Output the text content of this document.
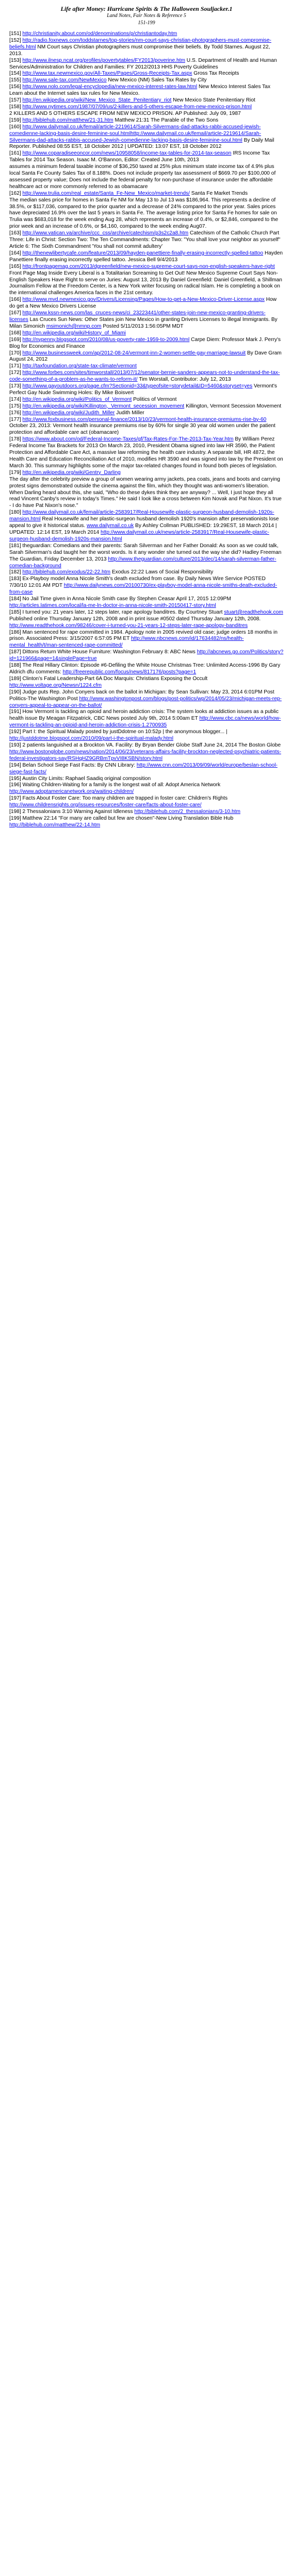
Life after Money: Hurricane Spirits & The Halloween Souljacker.1
Land Notes, Fair Notes & Reference 5
151-199

[151] http://christianity.about.com/od/denominations/p/christiantoday.htm

[152] http://radio.foxnews.com/toddstarnes/top-stories/nm-court-says-christian-photographers-must-compromise-beliefs.html NM Court says Christian photographers must compromise their beliefs. By Todd Starnes. August 22, 2013.

[153] http://www.ilnesp.ncat.org/profiles/povertytables/FY2013/poverine.htm U.S. Department of Health and Human Services/Administration for Children and Families: FY 2012/2013 HHS Poverty Guidelines

[154] http://www.tax.newmexico.gov/All-Taxes/Pages/Gross-Receipts-Tax.aspx Gross Tax Receipts

[155] http://www.sale-tax.com/NewMexico New Mexico (NM) Sales Tax Rates by City

[156] http://www.nolo.com/legal-encyclopedia/new-mexico-interest-rates-law.html New Mexico Interest Sales Tax Learn about the Internet sales tax rules for New Mexico.

[157] http://en.wikipedia.org/wiki/New_Mexico_State_Penitentiary_riot New Mexico State Penitentiary Riot

[158] http://www.nytimes.com/1987/07/09/us/2-killers-and-5-others-escape-from-new-mexico-prison.html

2 KILLERS AND 5 OTHERS ESCAPE FROM NEW MEXICO PRISON. AP Published: July 09, 1987

[159] http://biblehub.com/matthew/21-31.htm Matthew 21:31 The Parable of the Two Sons

[160] http://www.dailymail.co.uk/femail/article-2219614/Sarah-Silvermans-dad-attacks-rabbi-accused-jewish-comedienne-lacking-basis-desire-feminine-soul.htmlhttp://www.dailymail.co.uk/femail/article-2219614/Sarah-Silvermans-dad-attacks-rabbis-accused-Jewish-comedienne-lacking-basis-desire-feminine-soul.html By Daily Mail Reporter. Published 08:55 EST, 18 October 2012 | UPDATED: 13:07 EST, 18 October 2012

[161] http://www.coparadiseeoncor.com/news/10958058/income-tax-tables-for-2014-tax-season IRS Income Tax Tables for 2014 Tax Season. Isaac M. O'Bannon, Editor: Created June 10th, 2013

assumes a minimum federal taxable income of $36,250 taxed at 25% plus minimum state income tax of 4.9% plus local Santa Fe County Sales Tax of 8.188%. Does not include property tax assessment of $669.70 per $100,000 of assessed property value; Does not include the federal penalty for non-purchase of insurance under the affordable healthcare act or more commonly referred to as obamacare

[162] http://www.trulia.com/real_estate/Santa_Fe-New_Mexico/market-trends/ Santa Fe Market Trends

The median sales price for homes in Santa Fe NM for May 13 to Jul 13 was $186,964. This represents a decline of 38.5%, or $117,036, compared to the prior quarter and a decrease of 24% compared to the prior year. Sales prices have depreciated 16.9% over the last 5 years in Santa Fe. The average listing price for Santa Fe homes for sale on Trulia was $683,018 for the week ending Aug 28, which represents an increase of 0.4%, or $2,846, compared to the prior week and an increase of 0.6%, or $4,160, compared to the week ending Aug07.

[163] http://www.vatican.va/archive/ccc_css/archive/catechism/p3s2c2a8.htm Catechism of the Catholic Church Part Three: Life in Christ: Section Two: The Ten Commandments: Chapter Two: "You shall love your neighbor as yourself" Article 6: The Sixth Commandment 'You shall not commit adultery'

[164] http://thenewlibertycafe.com/feature/2013/09/hayden-panettiere-finally-erasing-incorrectly-spelled-tattoo Hayden Panettiere finally erasing incorrectly spelled tattoo. Jessica Bell 9/4/2013

[165] http://frontpagemag.com/2013/dgreenfield/new-mexico-supreme-court-says-non-english-speakers-have-right Front Page Mag Inside Every Liberal is a Totalitarian Screaming to Get Out! New Mexico Supreme Court Says Non-English Speakers Have Right to serve on Juries: August 13, 2013 By Daniel Greenfield: Daniel Greenfield, a Shillman Journalism Fellow at the Freedom Center, is a New York writer focusing on radical Islam. He is completing a book on the international challenges America faces in the 21st century.

[166] http://www.mvd.newmexico.gov/Drivers/Licensing/Pages/How-to-get-a-New-Mexico-Driver-License.aspx How do get a New Mexico Drivers License

[167] http://www.kssn-news.com/las_cruces-news/ci_23223441/other-states-join-new-mexico-granting-drivers-licenses Las Cruces Sun News: Other States join New Mexico in granting Drivers Licenses to illegal Immigrants. By Milan Simonich msimonich@nmnp.com Posted 5/11/2013 1:56:05PM MDT

[168] http://en.wikipedia.org/wiki/History_of_Miami

[169] http://nypenny.blogspot.com/2010/08/us-poverty-rate-1959-to-2009.html Carpe Diem: Professor Mark J. Perry's Blog for Economics and Finance

[170] http://www.businessweek.com/ap/2012-08-24/vermont-inn-2-women-settle-gay-marriage-lawsuit By Dave Gram August 24, 2012

[171] http://taxfoundation.org/state-tax-climate/vermont

[172] http://www.forbes.com/sites/timworstall/2013/07/12/senator-bernie-sanders-appears-not-to-understand-the-tax-code-something-of-a-problem-as-he-wants-to-reform-it/ Tim Worstall, Contributor: July 12, 2013

[173] http://www.gayoutdoors.org/page.cfm?Sectionid=33&typeofsite=storydetail&ID=5460&storyset=yes Vermont's Perfect Gay Nude Swimming Holes: By Mike Boisvert

[174] http://en.wikipedia.org/wiki/Politics_of_Vermont Politics of Vermont

[175] http://en.wikipedia.org/wiki/Killington,_Vermont_secession_movement Killington, Vermont Secession Movement

[176] http://en.wikipedia.org/wiki/Judith_Miller Judith Miller

[177] http://www.foxbusiness.com/personal-finance/2013/10/23/vermont-health-insurance-premiums-rise-by-60 October 23, 2013: Vermont health insurance premiums rise by 60% for single 30 year old women under the patient protection and affordable care act (obamacare)

[178] https://www.about.com/od/Federal-Income-Taxes/gf/Tax-Rates-For-The-2013-Tax-Year.htm By William Perez Federal Income Tax Brackets for 2013 On March 23, 2010, President Obama signed into law HR 3590, the Patient Protection and Affordable Care Act, a massive law reforming the health care industry. A separate bill, HR 4872, the Health Care and Education Reconciliation Act of 2010, modifies HR 3590 and was signed into law by the President on March 30. This summary highlights some of the major tax-related changes found in found both pieces of legislation.

[179] http://en.wikipedia.org/wiki/Gentry_Darling

The day after the celebrity preview a group of women wearing army jackets, pea coats, jeans and boots and carrying protest signs demonstrated outside the cinema against the film, which they thought was anti-women's liberation. When Darling heard about this, she said, "Who do these dykes think they are anyway? ... Well, I just hope they all read Vincent Canby's review in today's Times." He said I look like a cross between Kim Novak and Pat Nixon. It's true - I do have Pat Nixon's nose."

[180] http://www.dailymail.co.uk/femail/article-2583917/Real-Housewife-plastic-surgeon-husband-demolish-1920s-mansion.html Real Housewife and her plastic-surgeon husband demolish 1920's mansion after preservationists lose appeal to give it historical status. www.dailymail.co.uk By Ashley Collman PUBLISHED: 19:29EST, 18 March 2014 | UPDATED: 12:14 EST, 19 March 2014 http://www.dailymail.co.uk/news/article-2583917/Real-Housewife-plastic-surgeon-husband-demolish-1920s-mansion.html

[181] theguardian: Comedians and their parents: Sarah Silverman and her Father Donald: As soon as we could talk, Sarah Silverman's dad taught her the worst words. Is it any wonder she turned out the way she did? Hadley Freeman The Guardian, Friday December 13, 2013 http://www.theguardian.com/culture/2013/dec/14/sarah-silverman-father-comedian-background

[182] http://biblehub.com/exodus/22-22.htm Exodus 22:22 Laws of Social Responsibility

[183] Ex-Playboy model Anna Nicole Smith's death excluded from case. By Daily News Wire Service POSTED 7/30/10 12:01 AM PDT http://www.dailynews.com/20100730/ex-playboy-model-anna-nicole-smiths-death-excluded-from-case

[184] No Jail Time given in Anna Nicole Smith case By Stephen Ceasar April 17, 2015 12:09PM http://articles.latimes.com/local/la-me-ln-doctor-in-anna-nicole-smith-20150417-story.html

[185] I turned you: 21 years later, 12 steps later, rape apology banditres. By Courtney Stuart stuart@readthehook.com Published online Thursday January 12th, 2008 and in print issue #0502 dated Thursday January 12th, 2008. http://www.readthehook.com/98246/cover-i-turned-you-21-years-12-steps-later-rape-apology-banditres

[186] Man sentenced for rape committed in 1984. Apology note in 2005 revived old case; judge orders 18 months in prison. Associated Press: 3/15/2007 6:57:05 PM ET http://www.nbcnews.com/id/17634482/ns/health-mental_health/t/man-sentenced-rape-committed/

[187] Dittons Return White House Furniture: Washington February 8: ABC News http://abcnews.go.com/Politics/story?id=121966&page=1&singlePage=true

[188] The Real Hillary Clinton: Episode #6-Defiling the White House Christmas Tree: Unlimited Access-1996 By Gary Aldrich dfu comments: http://freerepublic.com/focus/news/817176/posts?page=1

[189] Clinton's Fatal Leadership-Part 6A Doc Marquis: Christians Exposing the Occult http://www.voltage.org/Newsn/1224.cfm

[190] Judge puts Rep. John Conyers back on the ballot in Michigan: By Sean Sullivan: May 23, 2014 6:01PM Post Politics-The Washington Post http://www.washingtonpost.com/blogs/post-politics/wp/2014/05/23/michigan-meets-rep-conyers-appeal-to-appear-on-the-ballot/

[191] How Vermont is tackling an opioid and heroin addiction crisis: The system looks at addiction issues as a public health issue By Meagan Fitzpatrick, CBC News posted July 9th, 2014 5:00am ET http://www.cbc.ca/news/world/how-vermont-is-tackling-an-opioid-and-heroin-addiction-crisis-1.2700935

[192] Part I: the Spiritual Malady posted by justDdotme on 10:52p | the anonymous blogger... | http://justddotme.blogspot.com/2010/09/part-i-the-spiritual-malady.html

[193] 2 patients languished at a Brockton VA. Facility: By Bryan Bender Globe Staff June 24, 2014 The Boston Globe http://www.bostonglobe.com/news/nation/2014/06/23/veterans-affairs-facility-brockton-neglected-psychiatric-patients-federal-investigators-say/RSHqHZ9GRBmTpvVI8KSBN/story.html

[194] Belan School Siege Fast Facts: By CNN Library: http://www.cnn.com/2013/09/09/world/europe/beslan-school-siege-fast-facts/

[195] Austin City Limits: Raphael Saadiq original composition

[196] Waiting Children-Waiting for a family is the longest wait of all: Adopt America Network http://www.adoptamericanetwork.org/waiting-children/

[197] Facts About Foster Care: Too many children are trapped in foster care: Children's Rights http://www.childrensrights.org/issues-resources/foster-care/facts-about-foster-care/

[198] 2 Thessalonians 3:10 Warning Against Idleness http://biblehub.com/2_thessalonians/3-10.htm

[199] Matthew 22:14 "For many are called but few are chosen"-New Living Translation Bible Hub http://biblehub.com/matthew/22-14.htm
